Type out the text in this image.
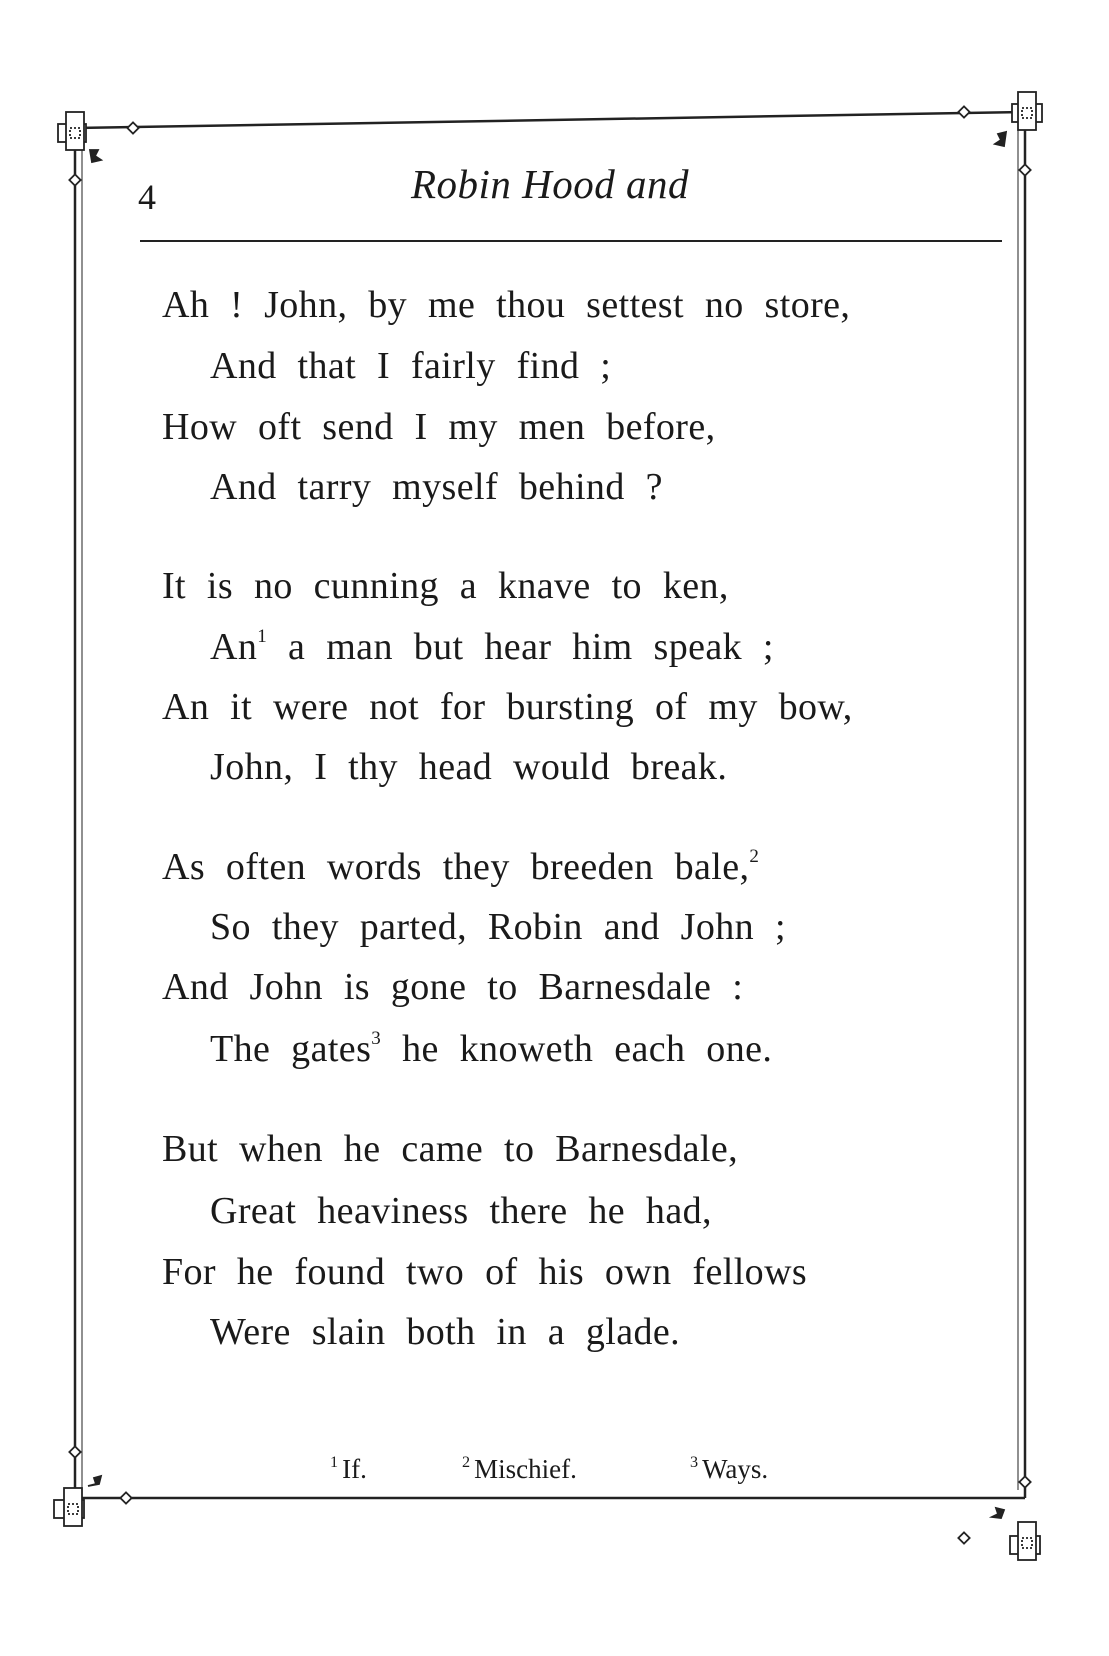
4	Robin Hood and
Ah ! John, by me thou settest no store,
And that I fairly find ;
How oft send I my men before,
And tarry myself behind ?
It is no cunning a knave to ken,
An$^1$ a man but hear him speak ;
An it were not for bursting of my bow,
John, I thy head would break.
As often words they breeden bale,$^2$
So they parted, Robin and John ;
And John is gone to Barnesdale :
The gates$^3$ he knoweth each one.
But when he came to Barnesdale,
Great heaviness there he had,
For he found two of his own fellows
Were slain both in a glade.
$^1$ If.	$^2$ Mischief.	$^3$ Ways.
